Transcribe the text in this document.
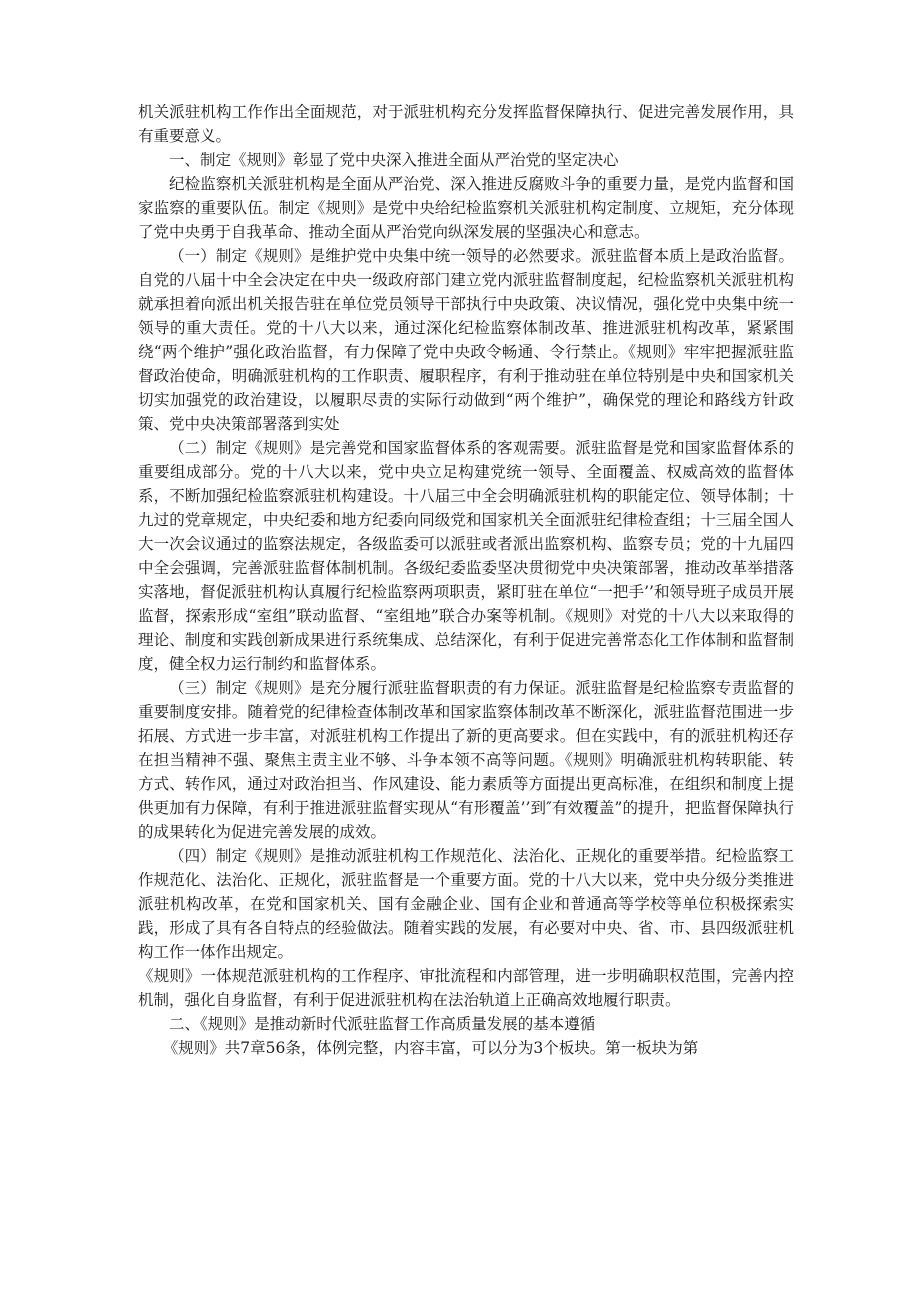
机关派驻机构工作作出全面规范，对于派驻机构充分发挥监督保障执行、促进完善发展作用，具有重要意义。

一、制定《规则》彰显了党中央深入推进全面从严治党的坚定决心

纪检监察机关派驻机构是全面从严治党、深入推进反腐败斗争的重要力量，是党内监督和国家监察的重要队伍。制定《规则》是党中央给纪检监察机关派驻机构定制度、立规矩，充分体现了党中央勇于自我革命、推动全面从严治党向纵深发展的坚强决心和意志。

（一）制定《规则》是维护党中央集中统一领导的必然要求。派驻监督本质上是政治监督。自党的八届十中全会决定在中央一级政府部门建立党内派驻监督制度起，纪检监察机关派驻机构就承担着向派出机关报告驻在单位党员领导干部执行中央政策、决议情况，强化党中央集中统一领导的重大责任。党的十八大以来，通过深化纪检监察体制改革、推进派驻机构改革，紧紧围绕“两个维护”强化政治监督，有力保障了党中央政令畅通、令行禁止。《规则》牢牢把握派驻监督政治使命，明确派驻机构的工作职责、履职程序，有利于推动驻在单位特别是中央和国家机关切实加强党的政治建设，以履职尽责的实际行动做到“两个维护”，确保党的理论和路线方针政策、党中央决策部署落到实处

（二）制定《规则》是完善党和国家监督体系的客观需要。派驻监督是党和国家监督体系的重要组成部分。党的十八大以来，党中央立足构建党统一领导、全面覆盖、权威高效的监督体系，不断加强纪检监察派驻机构建设。十八届三中全会明确派驻机构的职能定位、领导体制；十九过的党章规定，中央纪委和地方纪委向同级党和国家机关全面派驻纪律检查组；十三届全国人大一次会议通过的监察法规定，各级监委可以派驻或者派出监察机构、监察专员；党的十九届四中全会强调，完善派驻监督体制机制。各级纪委监委坚决贯彻党中央决策部署，推动改革举措落实落地，督促派驻机构认真履行纪检监察两项职责，紧盯驻在单位“一把手’’和领导班子成员开展监督，探索形成“室组”联动监督、“室组地”联合办案等机制。《规则》对党的十八大以来取得的理论、制度和实践创新成果进行系统集成、总结深化，有利于促进完善常态化工作体制和监督制度，健全权力运行制约和监督体系。

（三）制定《规则》是充分履行派驻监督职责的有力保证。派驻监督是纪检监察专责监督的重要制度安排。随着党的纪律检查体制改革和国家监察体制改革不断深化，派驻监督范围进一步拓展、方式进一步丰富，对派驻机构工作提出了新的更高要求。但在实践中，有的派驻机构还存在担当精神不强、聚焦主责主业不够、斗争本领不高等问题。《规则》明确派驻机构转职能、转方式、转作风，通过对政治担当、作风建设、能力素质等方面提出更高标准，在组织和制度上提供更加有力保障，有利于推进派驻监督实现从“有形覆盖’’到″有效覆盖”的提升，把监督保障执行的成果转化为促进完善发展的成效。

（四）制定《规则》是推动派驻机构工作规范化、法治化、正规化的重要举措。纪检监察工作规范化、法治化、正规化，派驻监督是一个重要方面。党的十八大以来，党中央分级分类推进派驻机构改革，在党和国家机关、国有金融企业、国有企业和普通高等学校等单位积极探索实践，形成了具有各自特点的经验做法。随着实践的发展，有必要对中央、省、市、县四级派驻机构工作一体作出规定。

《规则》一体规范派驻机构的工作程序、审批流程和内部管理，进一步明确职权范围，完善内控机制，强化自身监督，有利于促进派驻机构在法治轨道上正确高效地履行职责。

二、《规则》是推动新时代派驻监督工作高质量发展的基本遵循

《规则》共7章56条，体例完整，内容丰富，可以分为3个板块。第一板块为第
